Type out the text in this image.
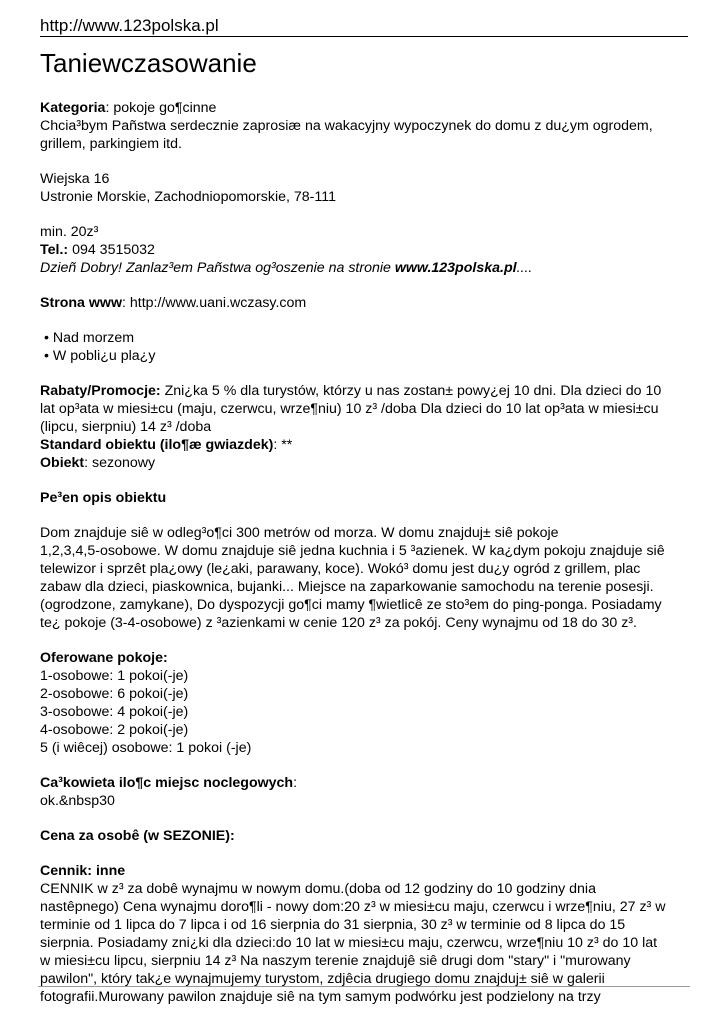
http://www.123polska.pl
Taniewczasowanie

Kategoria: pokoje go¶cinne

Chcia³bym Pañstwa serdecznie zaprosiæ na wakacyjny wypoczynek do domu z du¿ym ogrodem,

grillem, parkingiem itd.

Wiejska 16

Ustronie Morskie, Zachodniopomorskie, 78-111

min. 20z³

Tel.: 094 3515032

Dzieñ Dobry! Zanlaz³em Pañstwa og³oszenie na stronie www.123polska.pl....

Strona www: http://www.uani.wczasy.com

• Nad morzem

• W pobli¿u pla¿y

Rabaty/Promocje: Zni¿ka 5 % dla turystów, którzy u nas zostan± powy¿ej 10 dni. Dla dzieci do 10

lat op³ata w miesi±cu (maju, czerwcu, wrze¶niu) 10 z³ /doba Dla dzieci do 10 lat op³ata w miesi±cu

(lipcu, sierpniu) 14 z³ /doba

Standard obiektu (ilo¶æ gwiazdek): **

Obiekt: sezonowy

Pe³en opis obiektu

Dom znajduje siê w odleg³o¶ci 300 metrów od morza. W domu znajduj± siê pokoje

1,2,3,4,5-osobowe. W domu znajduje siê jedna kuchnia i 5 ³azienek. W ka¿dym pokoju znajduje siê

telewizor i sprzêt pla¿owy (le¿aki, parawany, koce). Wokó³ domu jest du¿y ogród z grillem, plac

zabaw dla dzieci, piaskownica, bujanki... Miejsce na zaparkowanie samochodu na terenie posesji.

(ogrodzone, zamykane), Do dyspozycji go¶ci mamy ¶wietlicê ze sto³em do ping-ponga. Posiadamy

te¿ pokoje (3-4-osobowe) z ³azienkami w cenie 120 z³ za pokój. Ceny wynajmu od 18 do 30 z³.

Oferowane pokoje:

1-osobowe: 1 pokoi(-je)

2-osobowe: 6 pokoi(-je)

3-osobowe: 4 pokoi(-je)

4-osobowe: 2 pokoi(-je)

5 (i wiêcej) osobowe: 1 pokoi (-je)

Ca³kowieta ilo¶c miejsc noclegowych:

ok.&nbsp30

Cena za osobê (w SEZONIE):

Cennik: inne

CENNIK w z³ za dobê wynajmu w nowym domu.(doba od 12 godziny do 10 godziny dnia

nastêpnego) Cena wynajmu doro¶li - nowy dom:20 z³ w miesi±cu maju, czerwcu i wrze¶niu, 27 z³ w

terminie od 1 lipca do 7 lipca i od 16 sierpnia do 31 sierpnia, 30 z³ w terminie od 8 lipca do 15

sierpnia. Posiadamy zni¿ki dla dzieci:do 10 lat w miesi±cu maju, czerwcu, wrze¶niu 10 z³ do 10 lat

w miesi±cu lipcu, sierpniu 14 z³ Na naszym terenie znajdujê siê drugi dom "stary" i "murowany

pawilon", który tak¿e wynajmujemy turystom, zdjêcia drugiego domu znajduj± siê w galerii

fotografii.Murowany pawilon znajduje siê na tym samym podwórku jest podzielony na trzy
